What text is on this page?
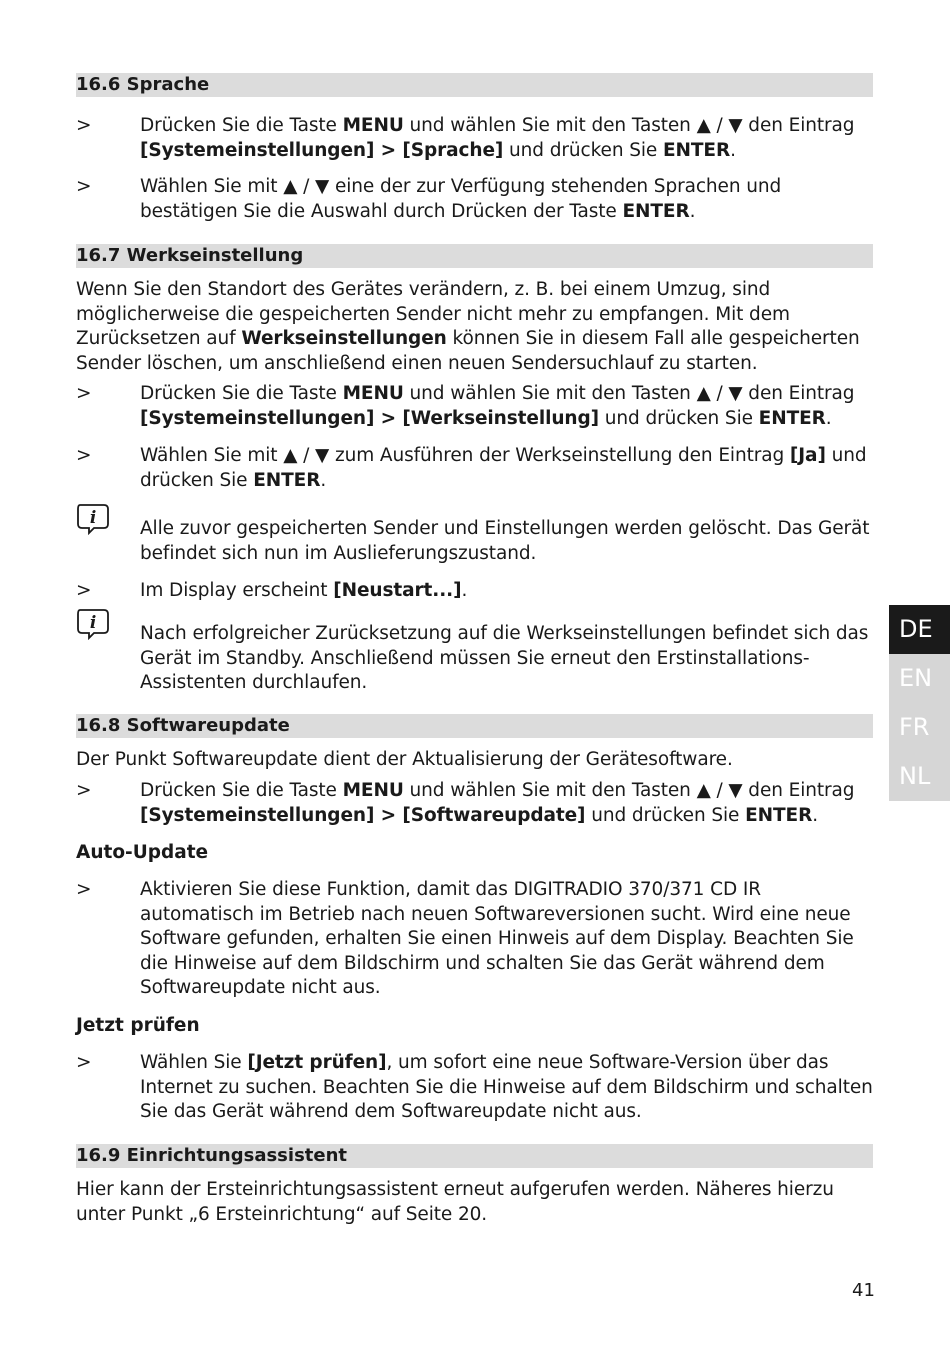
16.6 Sprache
>	Drücken Sie die Taste MENU und wählen Sie mit den Tasten ▲ / ▼ den Eintrag [Systemeinstellungen] > [Sprache] und drücken Sie ENTER.
>	Wählen Sie mit ▲ / ▼ eine der zur Verfügung stehenden Sprachen und bestätigen Sie die Auswahl durch Drücken der Taste ENTER.
16.7 Werkseinstellung
Wenn Sie den Standort des Gerätes verändern, z. B. bei einem Umzug, sind möglicherweise die gespeicherten Sender nicht mehr zu empfangen. Mit dem Zurücksetzen auf Werkseinstellungen können Sie in diesem Fall alle gespeicherten Sender löschen, um anschließend einen neuen Sendersuchlauf zu starten.
>	Drücken Sie die Taste MENU und wählen Sie mit den Tasten ▲ / ▼ den Eintrag [Systemeinstellungen] > [Werkseinstellung] und drücken Sie ENTER.
>	Wählen Sie mit ▲ / ▼ zum Ausführen der Werkseinstellung den Eintrag [Ja] und drücken Sie ENTER.
i Alle zuvor gespeicherten Sender und Einstellungen werden gelöscht. Das Gerät befindet sich nun im Auslieferungszustand.
>	Im Display erscheint [Neustart...].
i Nach erfolgreicher Zurücksetzung auf die Werkseinstellungen befindet sich das Gerät im Standby. Anschließend müssen Sie erneut den Erstinstallations-Assistenten durchlaufen.
16.8 Softwareupdate
Der Punkt Softwareupdate dient der Aktualisierung der Gerätesoftware.
>	Drücken Sie die Taste MENU und wählen Sie mit den Tasten ▲ / ▼ den Eintrag [Systemeinstellungen] > [Softwareupdate] und drücken Sie ENTER.
Auto-Update
>	Aktivieren Sie diese Funktion, damit das DIGITRADIO 370/371 CD IR automatisch im Betrieb nach neuen Softwareversionen sucht. Wird eine neue Software gefunden, erhalten Sie einen Hinweis auf dem Display. Beachten Sie die Hinweise auf dem Bildschirm und schalten Sie das Gerät während dem Softwareupdate nicht aus.
Jetzt prüfen
>	Wählen Sie [Jetzt prüfen], um sofort eine neue Software-Version über das Internet zu suchen. Beachten Sie die Hinweise auf dem Bildschirm und schalten Sie das Gerät während dem Softwareupdate nicht aus.
16.9 Einrichtungsassistent
Hier kann der Ersteinrichtungsassistent erneut aufgerufen werden. Näheres hierzu unter Punkt „6 Ersteinrichtung“ auf Seite 20.
DE
EN
FR
NL
41
